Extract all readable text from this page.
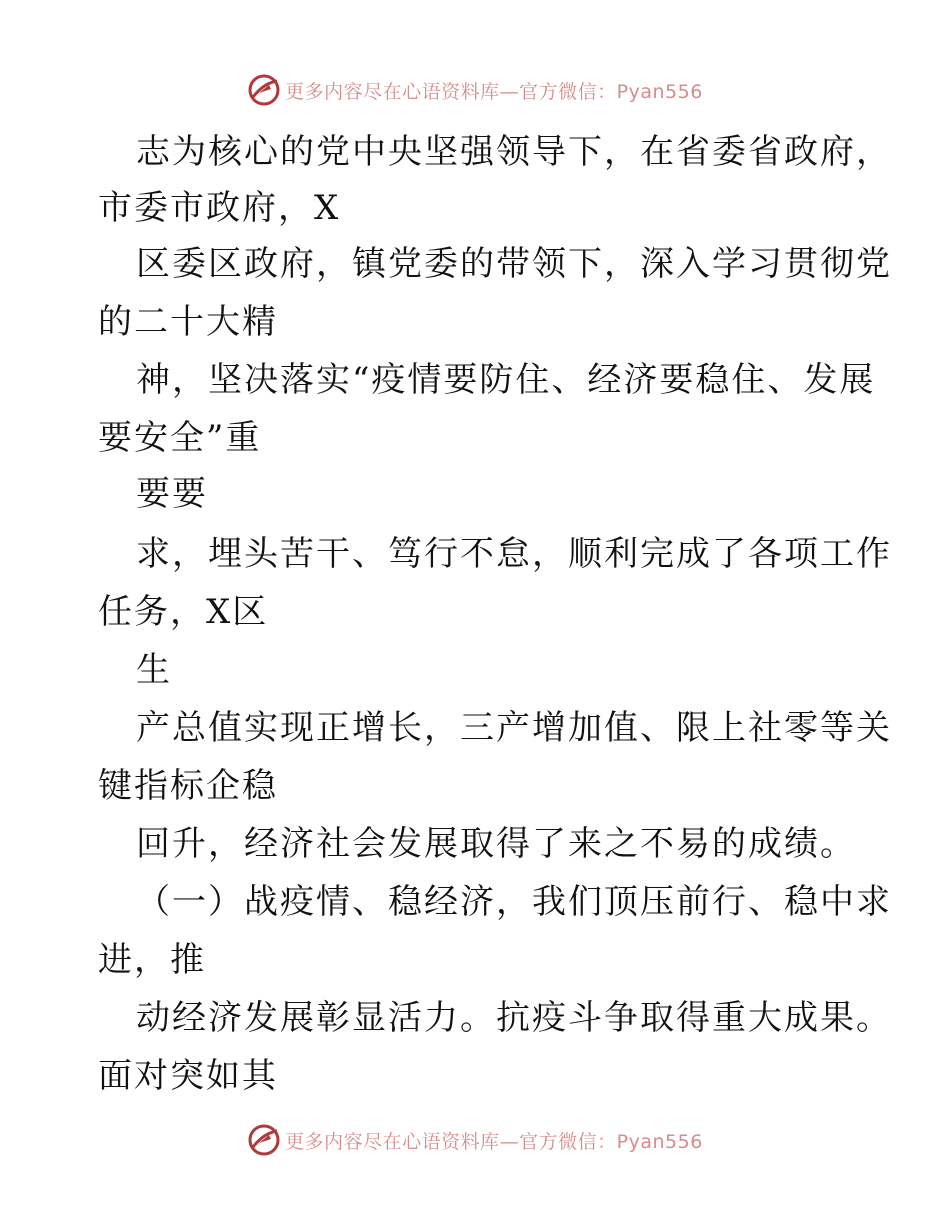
更多内容尽在心语资料库—官方微信：Pyan556
志为核心的党中央坚强领导下，在省委省政府，
市委市政府，X
区委区政府，镇党委的带领下，深入学习贯彻党
的二十大精
神，坚决落实“疫情要防住、经济要稳住、发展
要安全”重
要要
求，埋头苦干、笃行不怠，顺利完成了各项工作
任务，X区
生
产总值实现正增长，三产增加值、限上社零等关
键指标企稳
回升，经济社会发展取得了来之不易的成绩。
（一）战疫情、稳经济，我们顶压前行、稳中求
进，推
动经济发展彰显活力。抗疫斗争取得重大成果。
面对突如其
更多内容尽在心语资料库—官方微信：Pyan556
